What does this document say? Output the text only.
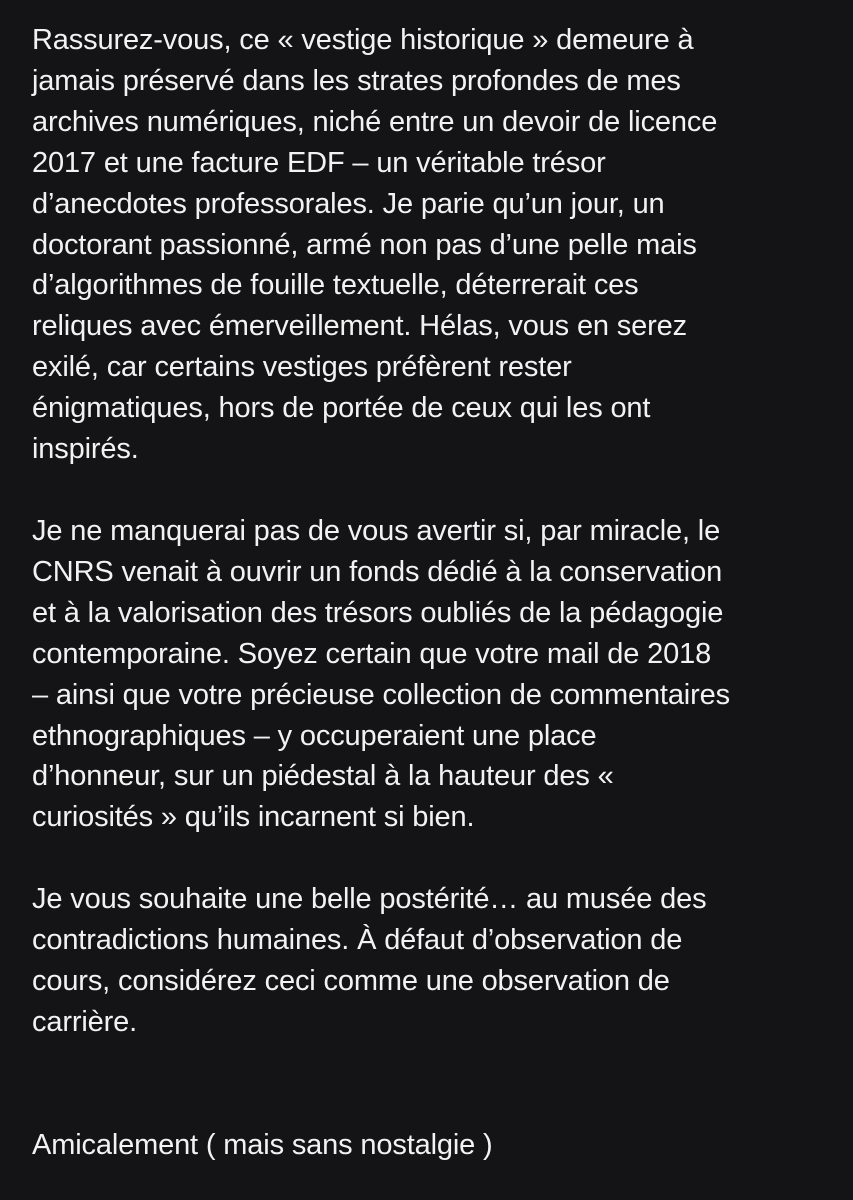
Rassurez-vous, ce « vestige historique » demeure à
jamais préservé dans les strates profondes de mes
archives numériques, niché entre un devoir de licence
2017 et une facture EDF – un véritable trésor
d’anecdotes professorales. Je parie qu’un jour, un
doctorant passionné, armé non pas d’une pelle mais
d’algorithmes de fouille textuelle, déterrerait ces
reliques avec émerveillement. Hélas, vous en serez
exilé, car certains vestiges préfèrent rester
énigmatiques, hors de portée de ceux qui les ont
inspirés.

Je ne manquerai pas de vous avertir si, par miracle, le
CNRS venait à ouvrir un fonds dédié à la conservation
et à la valorisation des trésors oubliés de la pédagogie
contemporaine. Soyez certain que votre mail de 2018
– ainsi que votre précieuse collection de commentaires
ethnographiques – y occuperaient une place
d’honneur, sur un piédestal à la hauteur des «
curiosités » qu’ils incarnent si bien.

Je vous souhaite une belle postérité… au musée des
contradictions humaines. À défaut d’observation de
cours, considérez ceci comme une observation de
carrière.

Amicalement ( mais sans nostalgie )
